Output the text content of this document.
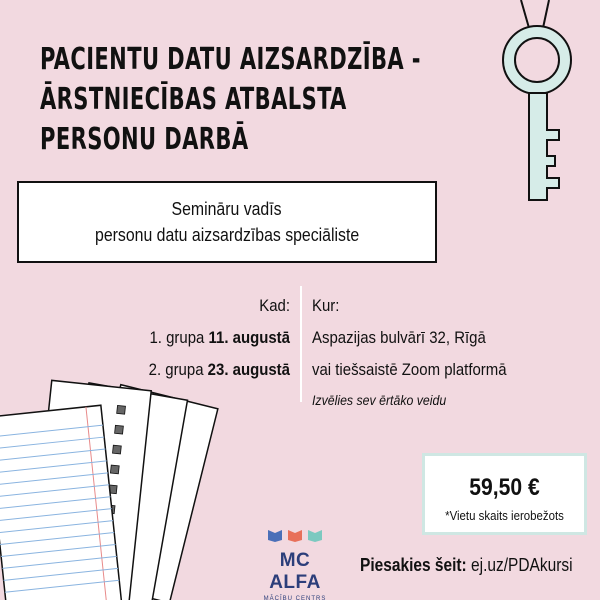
PACIENTU DATU AIZSARDZĪBA -
ĀRSTNIECĪBAS ATBALSTA
PERSONU DARBĀ
Semināru vadīs
personu datu aizsardzības speciāliste
Kad:
1. grupa 11. augustā
2. grupa 23. augustā
Kur:
Aspazijas bulvārī 32, Rīgā
vai tiešsaistē Zoom platformā
Izvēlies sev ērtāko veidu
59,50 €
*Vietu skaits ierobežots
MC ALFA
MĀCĪBU CENTRS
Piesakies šeit: ej.uz/PDAkursi
